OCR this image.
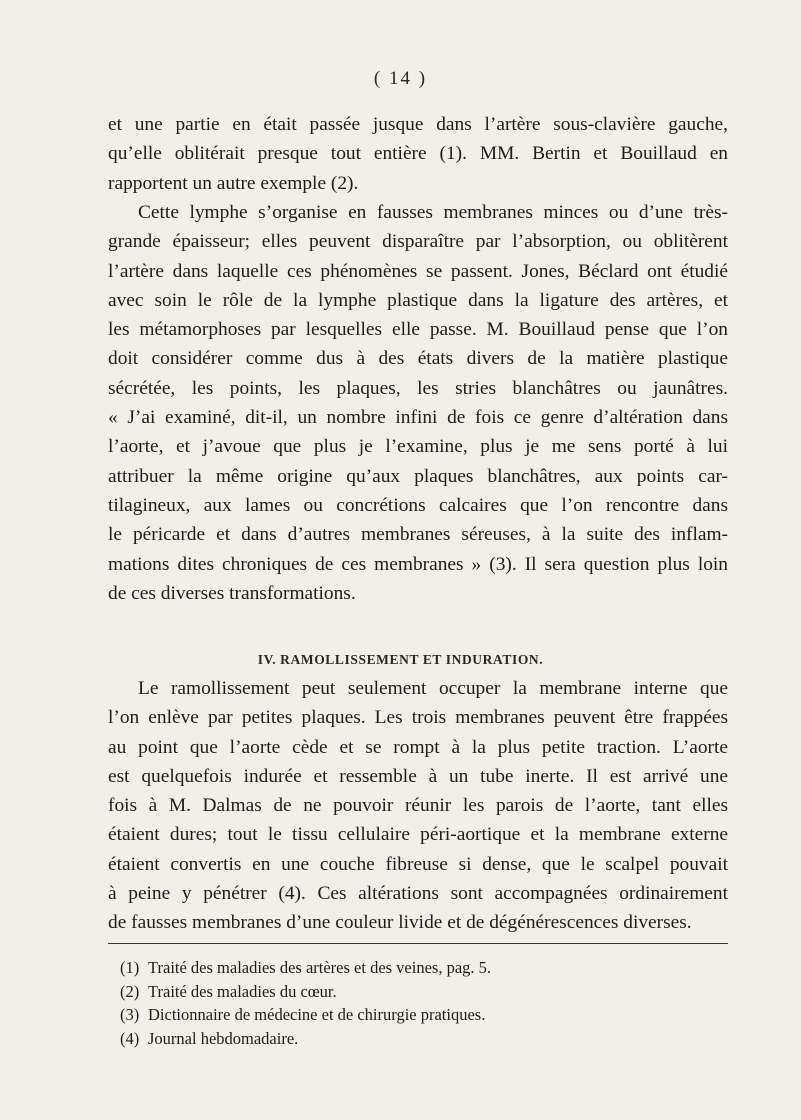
( 14 )

et une partie en était passée jusque dans l’artère sous-clavière gauche,
qu’elle oblitérait presque tout entière (1). MM. Bertin et Bouillaud en
rapportent un autre exemple (2).

Cette lymphe s’organise en fausses membranes minces ou d’une très-
grande épaisseur; elles peuvent disparaître par l’absorption, ou oblitèrent
l’artère dans laquelle ces phénomènes se passent. Jones, Béclard ont étudié
avec soin le rôle de la lymphe plastique dans la ligature des artères, et
les métamorphoses par lesquelles elle passe. M. Bouillaud pense que l’on
doit considérer comme dus à des états divers de la matière plastique
sécrétée, les points, les plaques, les stries blanchâtres ou jaunâtres.
« J’ai examiné, dit-il, un nombre infini de fois ce genre d’altération dans
l’aorte, et j’avoue que plus je l’examine, plus je me sens porté à lui
attribuer la même origine qu’aux plaques blanchâtres, aux points car-
tilagineux, aux lames ou concrétions calcaires que l’on rencontre dans
le péricarde et dans d’autres membranes séreuses, à la suite des inflam-
mations dites chroniques de ces membranes » (3). Il sera question plus loin
de ces diverses transformations.

IV. RAMOLLISSEMENT ET INDURATION.

Le ramollissement peut seulement occuper la membrane interne que
l’on enlève par petites plaques. Les trois membranes peuvent être frappées
au point que l’aorte cède et se rompt à la plus petite traction. L’aorte
est quelquefois indurée et ressemble à un tube inerte. Il est arrivé une
fois à M. Dalmas de ne pouvoir réunir les parois de l’aorte, tant elles
étaient dures; tout le tissu cellulaire péri-aortique et la membrane externe
étaient convertis en une couche fibreuse si dense, que le scalpel pouvait
à peine y pénétrer (4). Ces altérations sont accompagnées ordinairement
de fausses membranes d’une couleur livide et de dégénérescences diverses.

(1) Traité des maladies des artères et des veines, pag. 5.
(2) Traité des maladies du cœur.
(3) Dictionnaire de médecine et de chirurgie pratiques.
(4) Journal hebdomadaire.
